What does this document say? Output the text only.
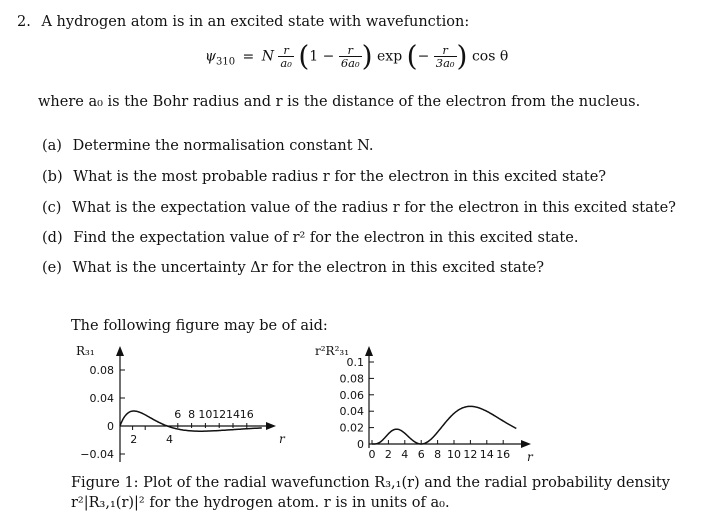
2. A hydrogen atom is in an excited state with wavefunction:
$\psi_{310} = N \frac{r}{\text{a₀}} (1 - \frac{r}{\text{6a₀}}$ ) exp (− $\frac{r}{\text{3a₀}}$ ) cos θ
where a₀ is the Bohr radius and r is the distance of the electron from the nucleus.
(a) Determine the normalisation constant N.
(b) What is the most probable radius r for the electron in this excited state?
(c) What is the expectation value of the radius r for the electron in this excited state?
(d) Find the expectation value of r² for the electron in this excited state.
(e) What is the uncertainty Δr for the electron in this excited state?
The following figure may be of aid:
R₃₁
r
0.08
0.04
0
−0.04
2	4
6 8 10 12 14 16
r²R²₃₁
r
0.1
0.08
0.06
0.04
0.02
0
0 2 4 6 8 10 12 14 16
Figure 1: Plot of the radial wavefunction R₃,₁(r) and the radial probability density
r²|R₃,₁(r)|² for the hydrogen atom. r is in units of a₀.
